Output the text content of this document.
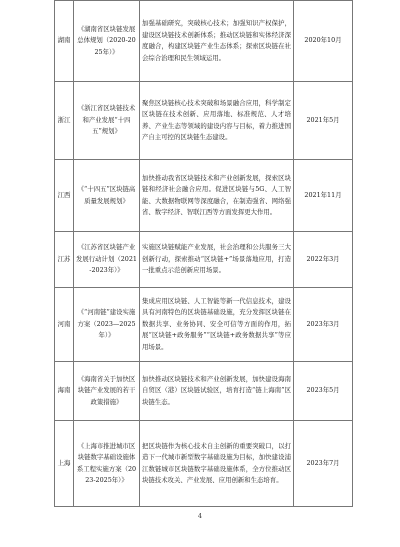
湖南	《湖南省区块链发展总体规划（2020-2025年）》	加强基础研究，突破核心技术；加强知识产权保护，建设区块链技术创新体系；推动区块链和实体经济深度融合，构建区块链产业生态体系；探索区块链在社会综合治理和民生领域运用。	2020年10月
浙江	《浙江省区块链技术和产业发展“十四五”规划》	聚焦区块链核心技术突破和场景融合应用，科学制定区块链在技术创新、应用落地、标准规范、人才培养、产业生态等领域的建设内容与目标，着力推进国产自主可控的区块链生态建设。	2021年5月
江西	《“十四五”区块链高质量发展规划》	加快推动我省区块链技术和产业创新发展，探索区块链和经济社会融合应用。促进区块链与5G、人工智能、大数据物联网等深度融合，在制造强省、网络强省、数字经济、智联江西等方面发挥更大作用。	2021年11月
江苏	《江苏省区块链产业发展行动计划（2021-2023年）》	实施区块链赋能产业发展，社会治理和公共服务三大创新行动，探索推动“区块链+”场景落地应用，打造一批重点示范创新应用场景。	2022年3月
河南	《“河南链”建设实施方案（2023—2025年）》	集成应用区块链、人工智能等新一代信息技术，建设具有河南特色的区块链基础设施，充分发挥区块链在数据共享、业务协同、安全可信等方面的作用，拓展“区块链+政务服务”“区块链+政务数据共享”等应用场景。	2023年3月
海南	《海南省关于加快区块链产业发展的若干政策措施》	加快推动区块链技术和产业创新发展，加快建设海南自贸区（港）区块链试验区，培育打造“链上海南”区块链生态。	2023年5月
上海	《上海市推进城市区块链数字基础设施体系工程实施方案（2023-2025年）》	把区块链作为核心技术自主创新的重要突破口，以打造下一代城市新型数字基础设施为目标，加快建设浦江数链城市区块链数字基础设施体系，全方位推动区块链技术攻关、产业发展、应用创新和生态培育。	2023年7月
4
